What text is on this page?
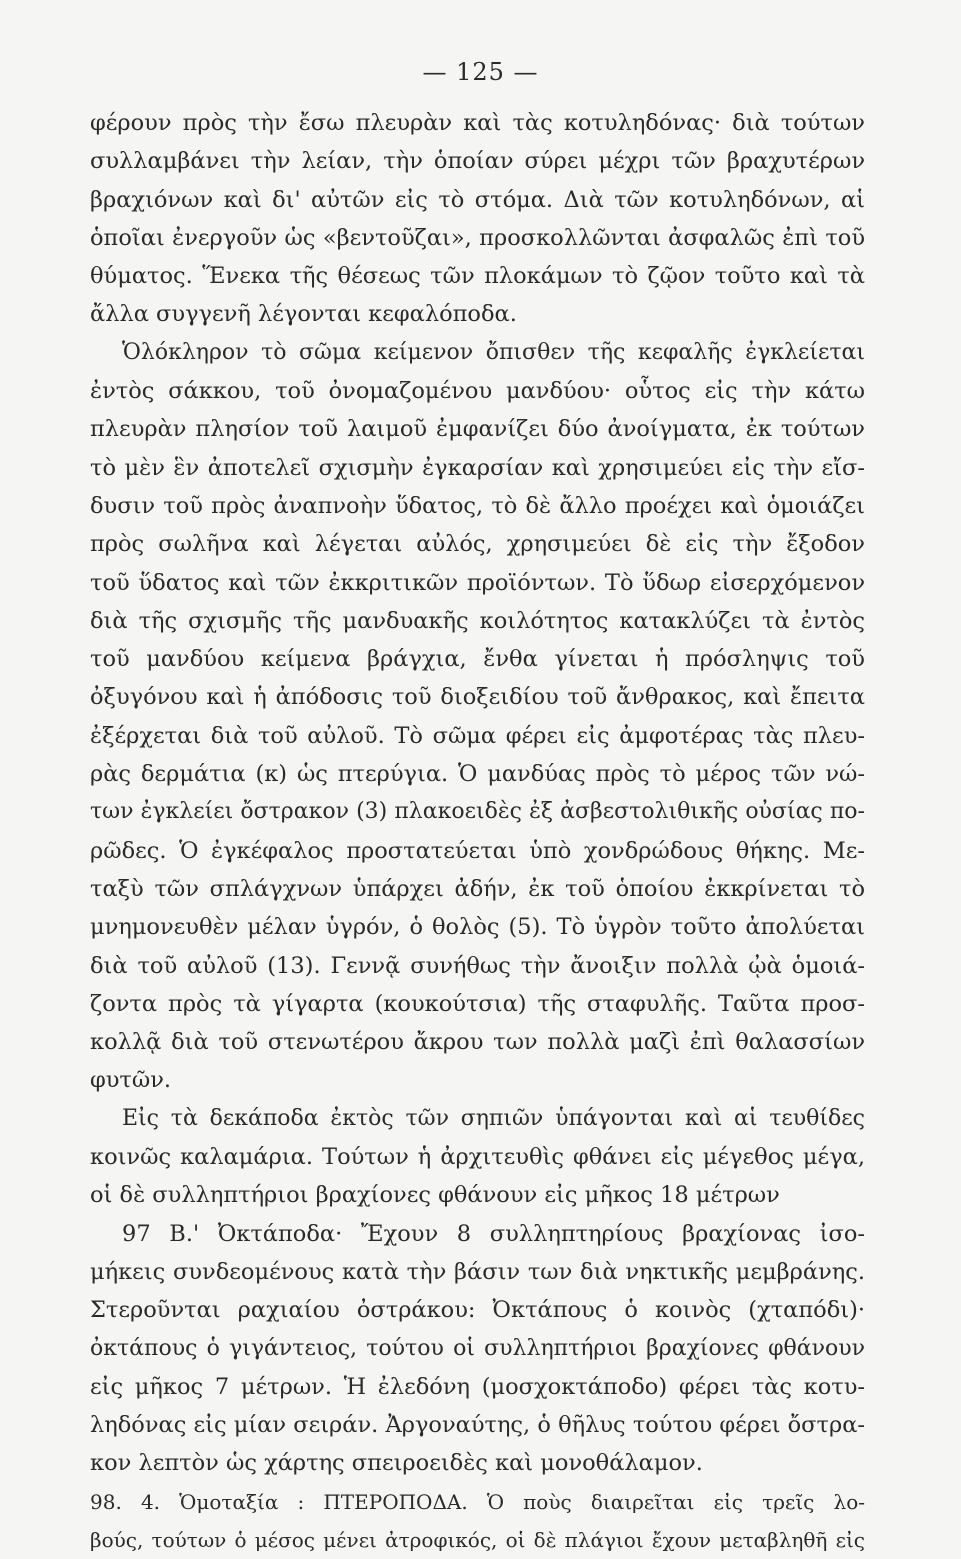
— 125 —
φέρουν πρὸς τὴν ἔσω πλευρὰν καὶ τὰς κοτυληδόνας· διὰ τούτων
συλλαμβάνει τὴν λείαν, τὴν ὁποίαν σύρει μέχρι τῶν βραχυτέρων
βραχιόνων καὶ δι' αὐτῶν εἰς τὸ στόμα. Διὰ τῶν κοτυληδόνων, αἱ
ὁποῖαι ἐνεργοῦν ὡς «βεντοῦζαι», προσκολλῶνται ἀσφαλῶς ἐπὶ τοῦ
θύματος. Ἕνεκα τῆς θέσεως τῶν πλοκάμων τὸ ζῷον τοῦτο καὶ τὰ
ἄλλα συγγενῆ λέγονται κεφαλόποδα.
Ὁλόκληρον τὸ σῶμα κείμενον ὄπισθεν τῆς κεφαλῆς ἐγκλείεται
ἐντὸς σάκκου, τοῦ ὀνομαζομένου μανδύου· οὗτος εἰς τὴν κάτω
πλευρὰν πλησίον τοῦ λαιμοῦ ἐμφανίζει δύο ἀνοίγματα, ἐκ τούτων
τὸ μὲν ἓν ἀποτελεῖ σχισμὴν ἐγκαρσίαν καὶ χρησιμεύει εἰς τὴν εἴσ-
δυσιν τοῦ πρὸς ἀναπνοὴν ὕδατος, τὸ δὲ ἄλλο προέχει καὶ ὁμοιάζει
πρὸς σωλῆνα καὶ λέγεται αὐλός, χρησιμεύει δὲ εἰς τὴν ἔξοδον
τοῦ ὕδατος καὶ τῶν ἐκκριτικῶν προϊόντων. Τὸ ὕδωρ εἰσερχόμενον
διὰ τῆς σχισμῆς τῆς μανδυακῆς κοιλότητος κατακλύζει τὰ ἐντὸς
τοῦ μανδύου κείμενα βράγχια, ἔνθα γίνεται ἡ πρόσληψις τοῦ
ὀξυγόνου καὶ ἡ ἀπόδοσις τοῦ διοξειδίου τοῦ ἄνθρακος, καὶ ἔπειτα
ἐξέρχεται διὰ τοῦ αὐλοῦ. Τὸ σῶμα φέρει εἰς ἀμφοτέρας τὰς πλευ-
ρὰς δερμάτια (κ) ὡς πτερύγια. Ὁ μανδύας πρὸς τὸ μέρος τῶν νώ-
των ἐγκλείει ὄστρακον (3) πλακοειδὲς ἐξ ἀσβεστολιθικῆς οὐσίας πο-
ρῶδες. Ὁ ἐγκέφαλος προστατεύεται ὑπὸ χονδρώδους θήκης. Με-
ταξὺ τῶν σπλάγχνων ὑπάρχει ἀδήν, ἐκ τοῦ ὁποίου ἐκκρίνεται τὸ
μνημονευθὲν μέλαν ὑγρόν, ὁ θολὸς (5). Τὸ ὑγρὸν τοῦτο ἀπολύεται
διὰ τοῦ αὐλοῦ (13). Γεννᾷ συνήθως τὴν ἄνοιξιν πολλὰ ᾠὰ ὁμοιά-
ζοντα πρὸς τὰ γίγαρτα (κουκούτσια) τῆς σταφυλῆς. Ταῦτα προσ-
κολλᾷ διὰ τοῦ στενωτέρου ἄκρου των πολλὰ μαζὶ ἐπὶ θαλασσίων
φυτῶν.
Εἰς τὰ δεκάποδα ἐκτὸς τῶν σηπιῶν ὑπάγονται καὶ αἱ τευθίδες
κοινῶς καλαμάρια. Τούτων ἡ ἀρχιτευθὶς φθάνει εἰς μέγεθος μέγα,
οἱ δὲ συλληπτήριοι βραχίονες φθάνουν εἰς μῆκος 18 μέτρων
97 Β.' Ὀκτάποδα· Ἔχουν 8 συλληπτηρίους βραχίονας ἰσο-
μήκεις συνδεομένους κατὰ τὴν βάσιν των διὰ νηκτικῆς μεμβράνης.
Στεροῦνται ραχιαίου ὀστράκου: Ὀκτάπους ὁ κοινὸς (χταπόδι)·
ὀκτάπους ὁ γιγάντειος, τούτου οἱ συλληπτήριοι βραχίονες φθάνουν
εἰς μῆκος 7 μέτρων. Ἡ ἐλεδόνη (μοσχοκτάποδο) φέρει τὰς κοτυ-
ληδόνας εἰς μίαν σειράν. Ἀργοναύτης, ὁ θῆλυς τούτου φέρει ὄστρα-
κον λεπτὸν ὡς χάρτης σπειροειδὲς καὶ μονοθάλαμον.
98. 4. Ὁμοταξία : ΠΤΕΡΟΠΟΔΑ. Ὁ ποὺς διαιρεῖται εἰς τρεῖς λο-
βούς, τούτων ὁ μέσος μένει ἀτροφικός, οἱ δὲ πλάγιοι ἔχουν μεταβληθῆ εἰς
